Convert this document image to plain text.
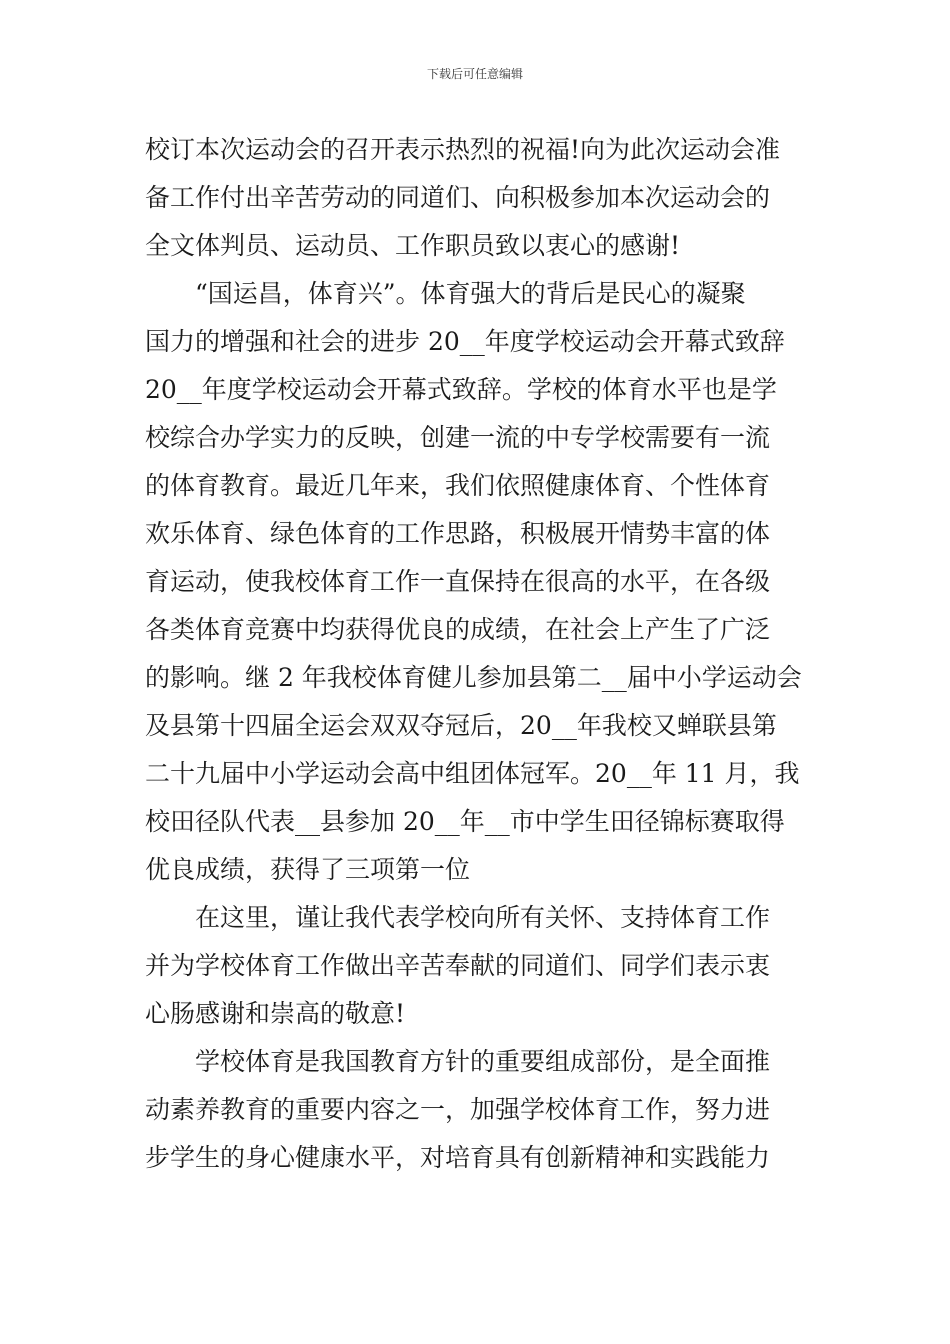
下载后可任意编辑
校订本次运动会的召开表示热烈的祝福!向为此次运动会准
备工作付出辛苦劳动的同道们、向积极参加本次运动会的
全文体判员、运动员、工作职员致以衷心的感谢!
“国运昌，体育兴”。体育强大的背后是民心的凝聚
国力的增强和社会的进步 20__年度学校运动会开幕式致辞
20__年度学校运动会开幕式致辞。学校的体育水平也是学
校综合办学实力的反映，创建一流的中专学校需要有一流
的体育教育。最近几年来，我们依照健康体育、个性体育
欢乐体育、绿色体育的工作思路，积极展开情势丰富的体
育运动，使我校体育工作一直保持在很高的水平，在各级
各类体育竞赛中均获得优良的成绩，在社会上产生了广泛
的影响。继 2 年我校体育健儿参加县第二__届中小学运动会
及县第十四届全运会双双夺冠后，20__年我校又蝉联县第
二十九届中小学运动会高中组团体冠军。20__年 11 月，我
校田径队代表__县参加 20__年__市中学生田径锦标赛取得
优良成绩，获得了三项第一位
在这里，谨让我代表学校向所有关怀、支持体育工作
并为学校体育工作做出辛苦奉献的同道们、同学们表示衷
心肠感谢和崇高的敬意!
学校体育是我国教育方针的重要组成部份，是全面推
动素养教育的重要内容之一，加强学校体育工作，努力进
步学生的身心健康水平，对培育具有创新精神和实践能力
